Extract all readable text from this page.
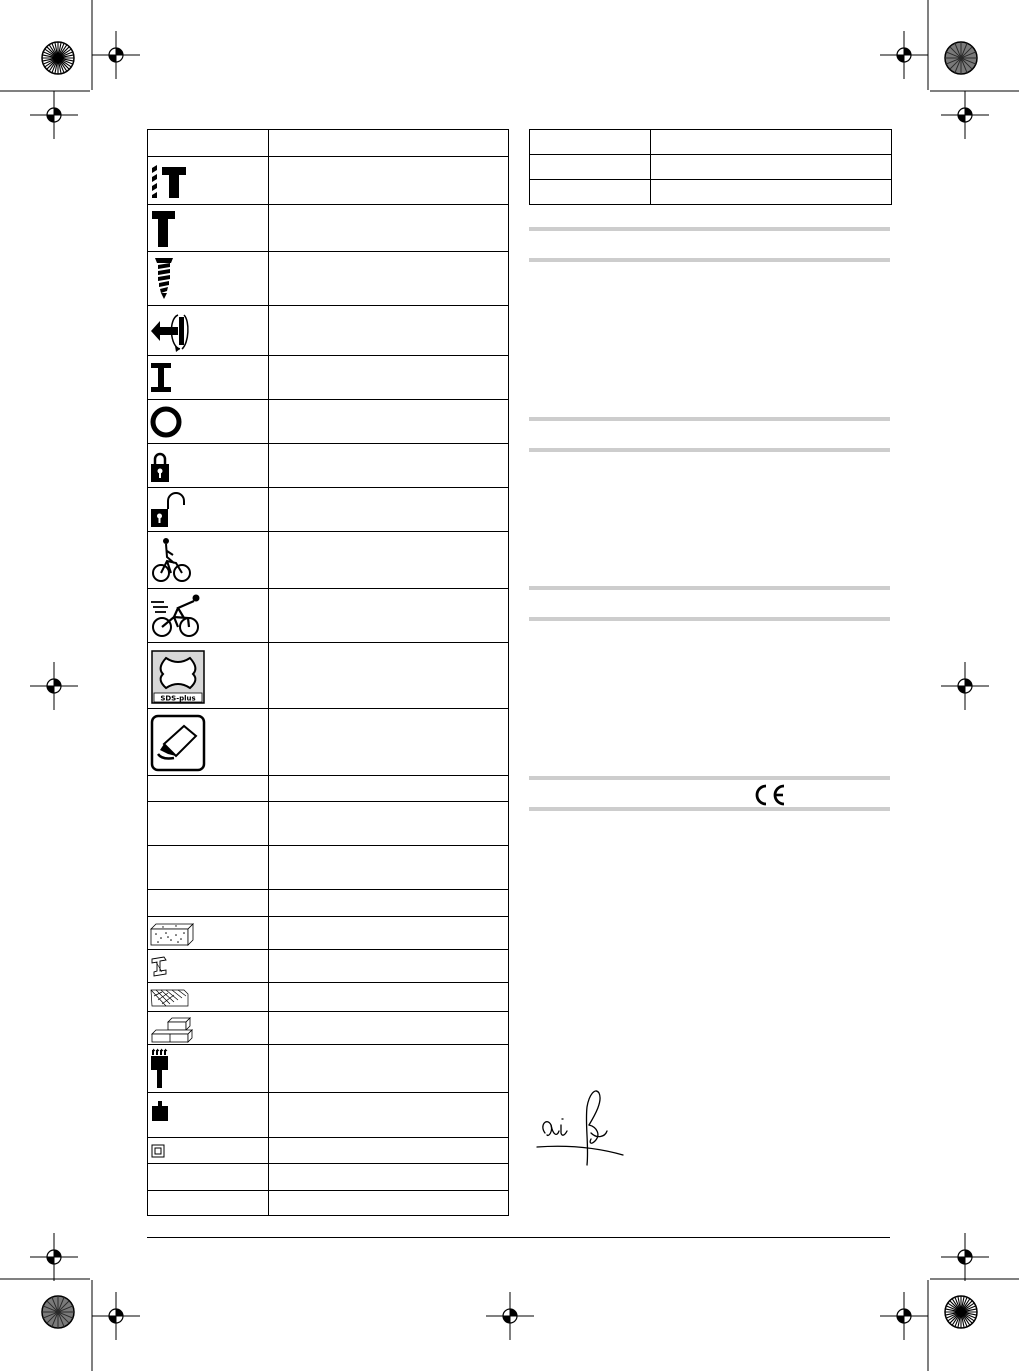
SDS-plus	
